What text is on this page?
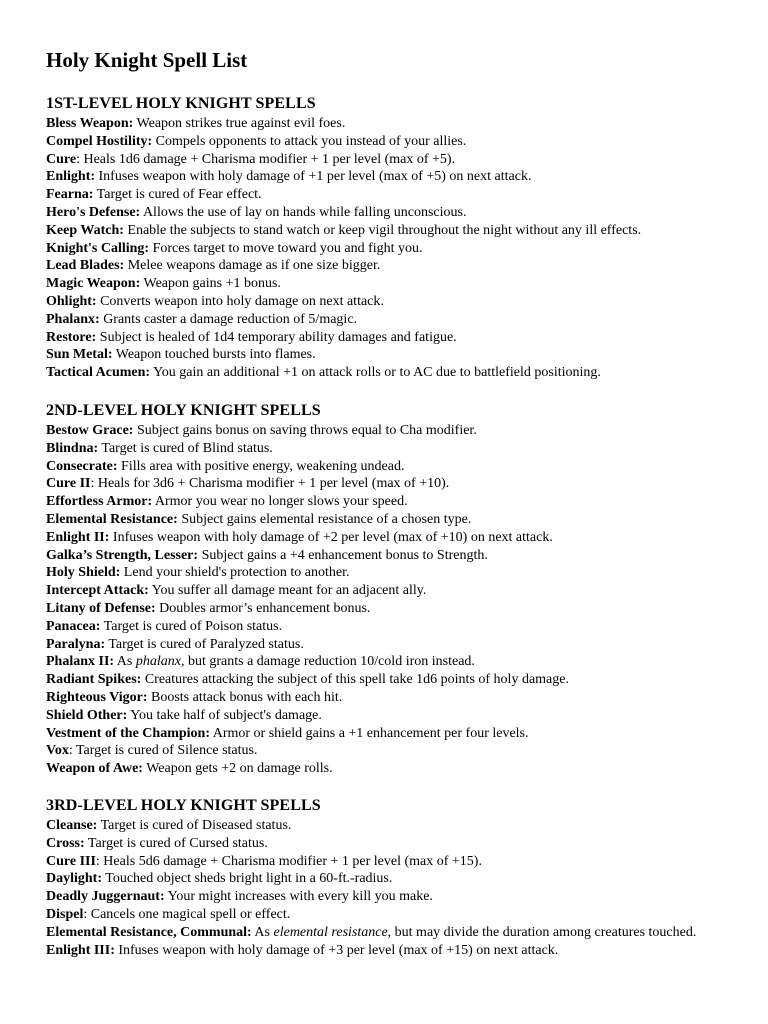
Holy Knight Spell List
1ST-LEVEL HOLY KNIGHT SPELLS

Bless Weapon: Weapon strikes true against evil foes.

Compel Hostility: Compels opponents to attack you instead of your allies.

Cure: Heals 1d6 damage + Charisma modifier + 1 per level (max of +5).

Enlight: Infuses weapon with holy damage of +1 per level (max of +5) on next attack.

Fearna: Target is cured of Fear effect.

Hero's Defense: Allows the use of lay on hands while falling unconscious.

Keep Watch: Enable the subjects to stand watch or keep vigil throughout the night without any ill effects.

Knight's Calling: Forces target to move toward you and fight you.

Lead Blades: Melee weapons damage as if one size bigger.

Magic Weapon: Weapon gains +1 bonus.

Ohlight: Converts weapon into holy damage on next attack.

Phalanx: Grants caster a damage reduction of 5/magic.

Restore: Subject is healed of 1d4 temporary ability damages and fatigue.

Sun Metal: Weapon touched bursts into flames.

Tactical Acumen: You gain an additional +1 on attack rolls or to AC due to battlefield positioning.

2ND-LEVEL HOLY KNIGHT SPELLS

Bestow Grace: Subject gains bonus on saving throws equal to Cha modifier.

Blindna: Target is cured of Blind status.

Consecrate: Fills area with positive energy, weakening undead.

Cure II: Heals for 3d6 + Charisma modifier + 1 per level (max of +10).

Effortless Armor: Armor you wear no longer slows your speed.

Elemental Resistance: Subject gains elemental resistance of a chosen type.

Enlight II: Infuses weapon with holy damage of +2 per level (max of +10) on next attack.

Galka’s Strength, Lesser: Subject gains a +4 enhancement bonus to Strength.

Holy Shield: Lend your shield's protection to another.

Intercept Attack: You suffer all damage meant for an adjacent ally.

Litany of Defense: Doubles armor’s enhancement bonus.

Panacea: Target is cured of Poison status.

Paralyna: Target is cured of Paralyzed status.

Phalanx II: As phalanx, but grants a damage reduction 10/cold iron instead.

Radiant Spikes: Creatures attacking the subject of this spell take 1d6 points of holy damage.

Righteous Vigor: Boosts attack bonus with each hit.

Shield Other: You take half of subject's damage.

Vestment of the Champion: Armor or shield gains a +1 enhancement per four levels.

Vox: Target is cured of Silence status.

Weapon of Awe: Weapon gets +2 on damage rolls.

3RD-LEVEL HOLY KNIGHT SPELLS

Cleanse: Target is cured of Diseased status.

Cross: Target is cured of Cursed status.

Cure III: Heals 5d6 damage + Charisma modifier + 1 per level (max of +15).

Daylight: Touched object sheds bright light in a 60-ft.-radius.

Deadly Juggernaut: Your might increases with every kill you make.

Dispel: Cancels one magical spell or effect.

Elemental Resistance, Communal: As elemental resistance, but may divide the duration among creatures touched.

Enlight III: Infuses weapon with holy damage of +3 per level (max of +15) on next attack.
